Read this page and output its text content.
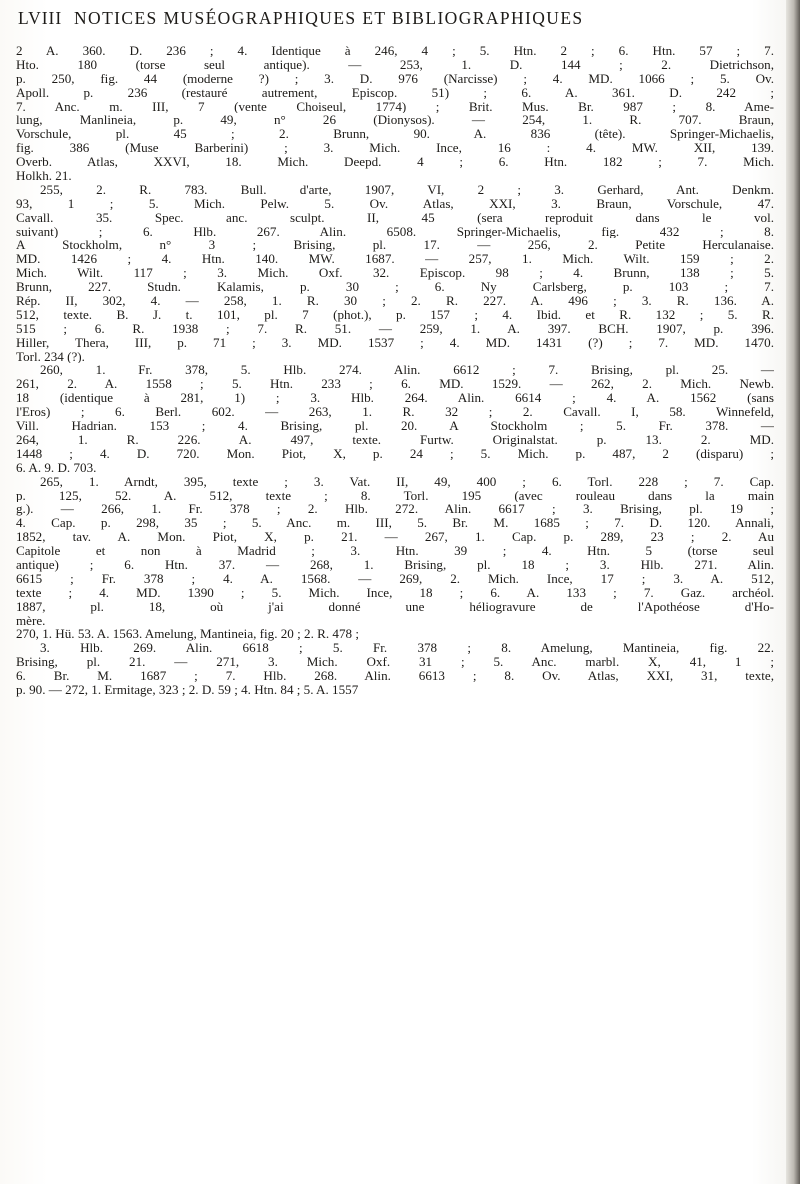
LVIII NOTICES MUSÉOGRAPHIQUES ET BIBLIOGRAPHIQUES
2 A. 360. D. 236 ; 4. Identique à 246, 4 ; 5. Htn. 2 ; 6. Htn. 57 ; 7.
Hto. 180 (torse seul antique). — 253, 1. D. 144 ; 2. Dietrichson,
p. 250, fig. 44 (moderne ?) ; 3. D. 976 (Narcisse) ; 4. MD. 1066 ; 5. Ov.
Apoll. p. 236 (restauré autrement, Episcop. 51) ; 6. A. 361. D. 242 ;
7. Anc. m. III, 7 (vente Choiseul, 1774) ; Brit. Mus. Br. 987 ; 8. Ame-
lung, Manlineia, p. 49, n° 26 (Dionysos). — 254, 1. R. 707. Braun,
Vorschule, pl. 45 ; 2. Brunn, 90. A. 836 (tête). Springer-Michaelis,
fig. 386 (Muse Barberini) ; 3. Mich. Ince, 16 : 4. MW. XII, 139.
Overb. Atlas, XXVI, 18. Mich. Deepd. 4 ; 6. Htn. 182 ; 7. Mich.
Holkh. 21.
255, 2. R. 783. Bull. d'arte, 1907, VI, 2 ; 3. Gerhard, Ant. Denkm.
93, 1 ; 5. Mich. Pelw. 5. Ov. Atlas, XXI, 3. Braun, Vorschule, 47.
Cavall. 35. Spec. anc. sculpt. II, 45 (sera reproduit dans le vol.
suivant) ; 6. Hlb. 267. Alin. 6508. Springer-Michaelis, fig. 432 ; 8.
A Stockholm, n° 3 ; Brising, pl. 17. — 256, 2. Petite Herculanaise.
MD. 1426 ; 4. Htn. 140. MW. 1687. — 257, 1. Mich. Wilt. 159 ; 2.
Mich. Wilt. 117 ; 3. Mich. Oxf. 32. Episcop. 98 ; 4. Brunn, 138 ; 5.
Brunn, 227. Studn. Kalamis, p. 30 ; 6. Ny Carlsberg, p. 103 ; 7.
Rép. II, 302, 4. — 258, 1. R. 30 ; 2. R. 227. A. 496 ; 3. R. 136. A.
512, texte. B. J. t. 101, pl. 7 (phot.), p. 157 ; 4. Ibid. et R. 132 ; 5. R.
515 ; 6. R. 1938 ; 7. R. 51. — 259, 1. A. 397. BCH. 1907, p. 396.
Hiller, Thera, III, p. 71 ; 3. MD. 1537 ; 4. MD. 1431 (?) ; 7. MD. 1470.
Torl. 234 (?).
260, 1. Fr. 378, 5. Hlb. 274. Alin. 6612 ; 7. Brising, pl. 25. —
261, 2. A. 1558 ; 5. Htn. 233 ; 6. MD. 1529. — 262, 2. Mich. Newb.
18 (identique à 281, 1) ; 3. Hlb. 264. Alin. 6614 ; 4. A. 1562 (sans
l'Eros) ; 6. Berl. 602. — 263, 1. R. 32 ; 2. Cavall. I, 58. Winnefeld,
Vill. Hadrian. 153 ; 4. Brising, pl. 20. A Stockholm ; 5. Fr. 378. —
264, 1. R. 226. A. 497, texte. Furtw. Originalstat. p. 13. 2. MD.
1448 ; 4. D. 720. Mon. Piot, X, p. 24 ; 5. Mich. p. 487, 2 (disparu) ;
6. A. 9. D. 703.
265, 1. Arndt, 395, texte ; 3. Vat. II, 49, 400 ; 6. Torl. 228 ; 7. Cap.
p. 125, 52. A. 512, texte ; 8. Torl. 195 (avec rouleau dans la main
g.). — 266, 1. Fr. 378 ; 2. Hlb. 272. Alin. 6617 ; 3. Brising, pl. 19 ;
4. Cap. p. 298, 35 ; 5. Anc. m. III, 5. Br. M. 1685 ; 7. D. 120. Annali,
1852, tav. A. Mon. Piot, X, p. 21. — 267, 1. Cap. p. 289, 23 ; 2. Au
Capitole et non à Madrid ; 3. Htn. 39 ; 4. Htn. 5 (torse seul
antique) ; 6. Htn. 37. — 268, 1. Brising, pl. 18 ; 3. Hlb. 271. Alin.
6615 ; Fr. 378 ; 4. A. 1568. — 269, 2. Mich. Ince, 17 ; 3. A. 512,
texte ; 4. MD. 1390 ; 5. Mich. Ince, 18 ; 6. A. 133 ; 7. Gaz. archéol.
1887, pl. 18, où j'ai donné une héliogravure de l'Apothéose d'Ho-
mère.
270, 1. Hü. 53. A. 1563. Amelung, Mantineia, fig. 20 ; 2. R. 478 ;
3. Hlb. 269. Alin. 6618 ; 5. Fr. 378 ; 8. Amelung, Mantineia, fig. 22.
Brising, pl. 21. — 271, 3. Mich. Oxf. 31 ; 5. Anc. marbl. X, 41, 1 ;
6. Br. M. 1687 ; 7. Hlb. 268. Alin. 6613 ; 8. Ov. Atlas, XXI, 31, texte,
p. 90. — 272, 1. Ermitage, 323 ; 2. D. 59 ; 4. Htn. 84 ; 5. A. 1557
